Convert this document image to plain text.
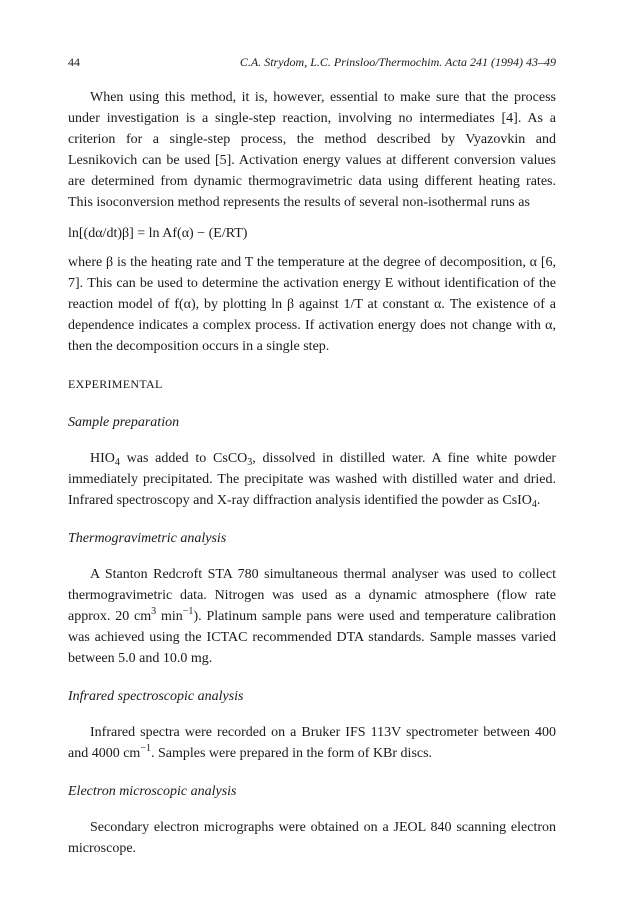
44	C.A. Strydom, L.C. Prinsloo/Thermochim. Acta 241 (1994) 43–49

When using this method, it is, however, essential to make sure that the process under investigation is a single-step reaction, involving no intermediates [4]. As a criterion for a single-step process, the method described by Vyazovkin and Lesnikovich can be used [5]. Activation energy values at different conversion values are determined from dynamic thermogravimetric data using different heating rates. This isoconversion method represents the results of several non-isothermal runs as

ln[(dα/dt)β] = ln Af(α) − (E/RT)

where β is the heating rate and T the temperature at the degree of decomposition, α [6, 7]. This can be used to determine the activation energy E without identification of the reaction model of f(α), by plotting ln β against 1/T at constant α. The existence of a dependence indicates a complex process. If activation energy does not change with α, then the decomposition occurs in a single step.

EXPERIMENTAL

Sample preparation

$HIO_4$ was added to CsCO$_3$, dissolved in distilled water. A fine white powder immediately precipitated. The precipitate was washed with distilled water and dried. Infrared spectroscopy and X-ray diffraction analysis identified the powder as CsIO$_4$.

Thermogravimetric analysis

A Stanton Redcroft STA 780 simultaneous thermal analyser was used to collect thermogravimetric data. Nitrogen was used as a dynamic atmosphere (flow rate approx. 20 $cm^3$ $\min^{-1}$). Platinum sample pans were used and temperature calibration was achieved using the ICTAC recommended DTA standards. Sample masses varied between 5.0 and 10.0 mg.

Infrared spectroscopic analysis

Infrared spectra were recorded on a Bruker IFS 113V spectrometer between 400 and 4000 $cm^{-1}$. Samples were prepared in the form of KBr discs.

Electron microscopic analysis

Secondary electron micrographs were obtained on a JEOL 840 scanning electron microscope.
